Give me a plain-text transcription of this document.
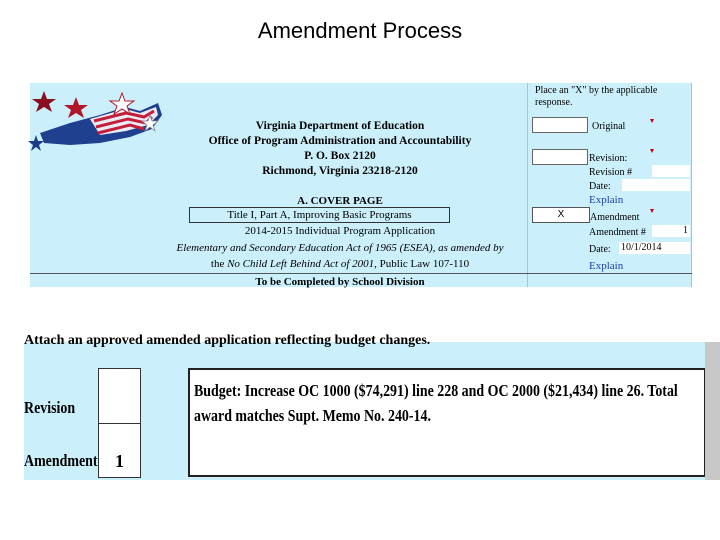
Amendment Process
Virginia Department of Education
Office of Program Administration and Accountability
P. O. Box 2120
Richmond, Virginia 23218-2120
A. COVER PAGE
Title I, Part A, Improving Basic Programs
2014-2015 Individual Program Application
Elementary and Secondary Education Act of 1965 (ESEA), as amended by
the No Child Left Behind Act of 2001, Public Law 107-110
To be Completed by School Division
Place an "X" by the applicable
response.
Original
Revision:
Revision #
Date:
Explain
X	Amendment
Amendment #	1
Date: 10/1/2014
Explain
Attach an approved amended application reflecting budget changes.
1
Revision
Amendment
Budget: Increase OC 1000 ($74,291) line 228 and OC 2000 ($21,434) line 26. Total award matches Supt. Memo No. 240-14.
